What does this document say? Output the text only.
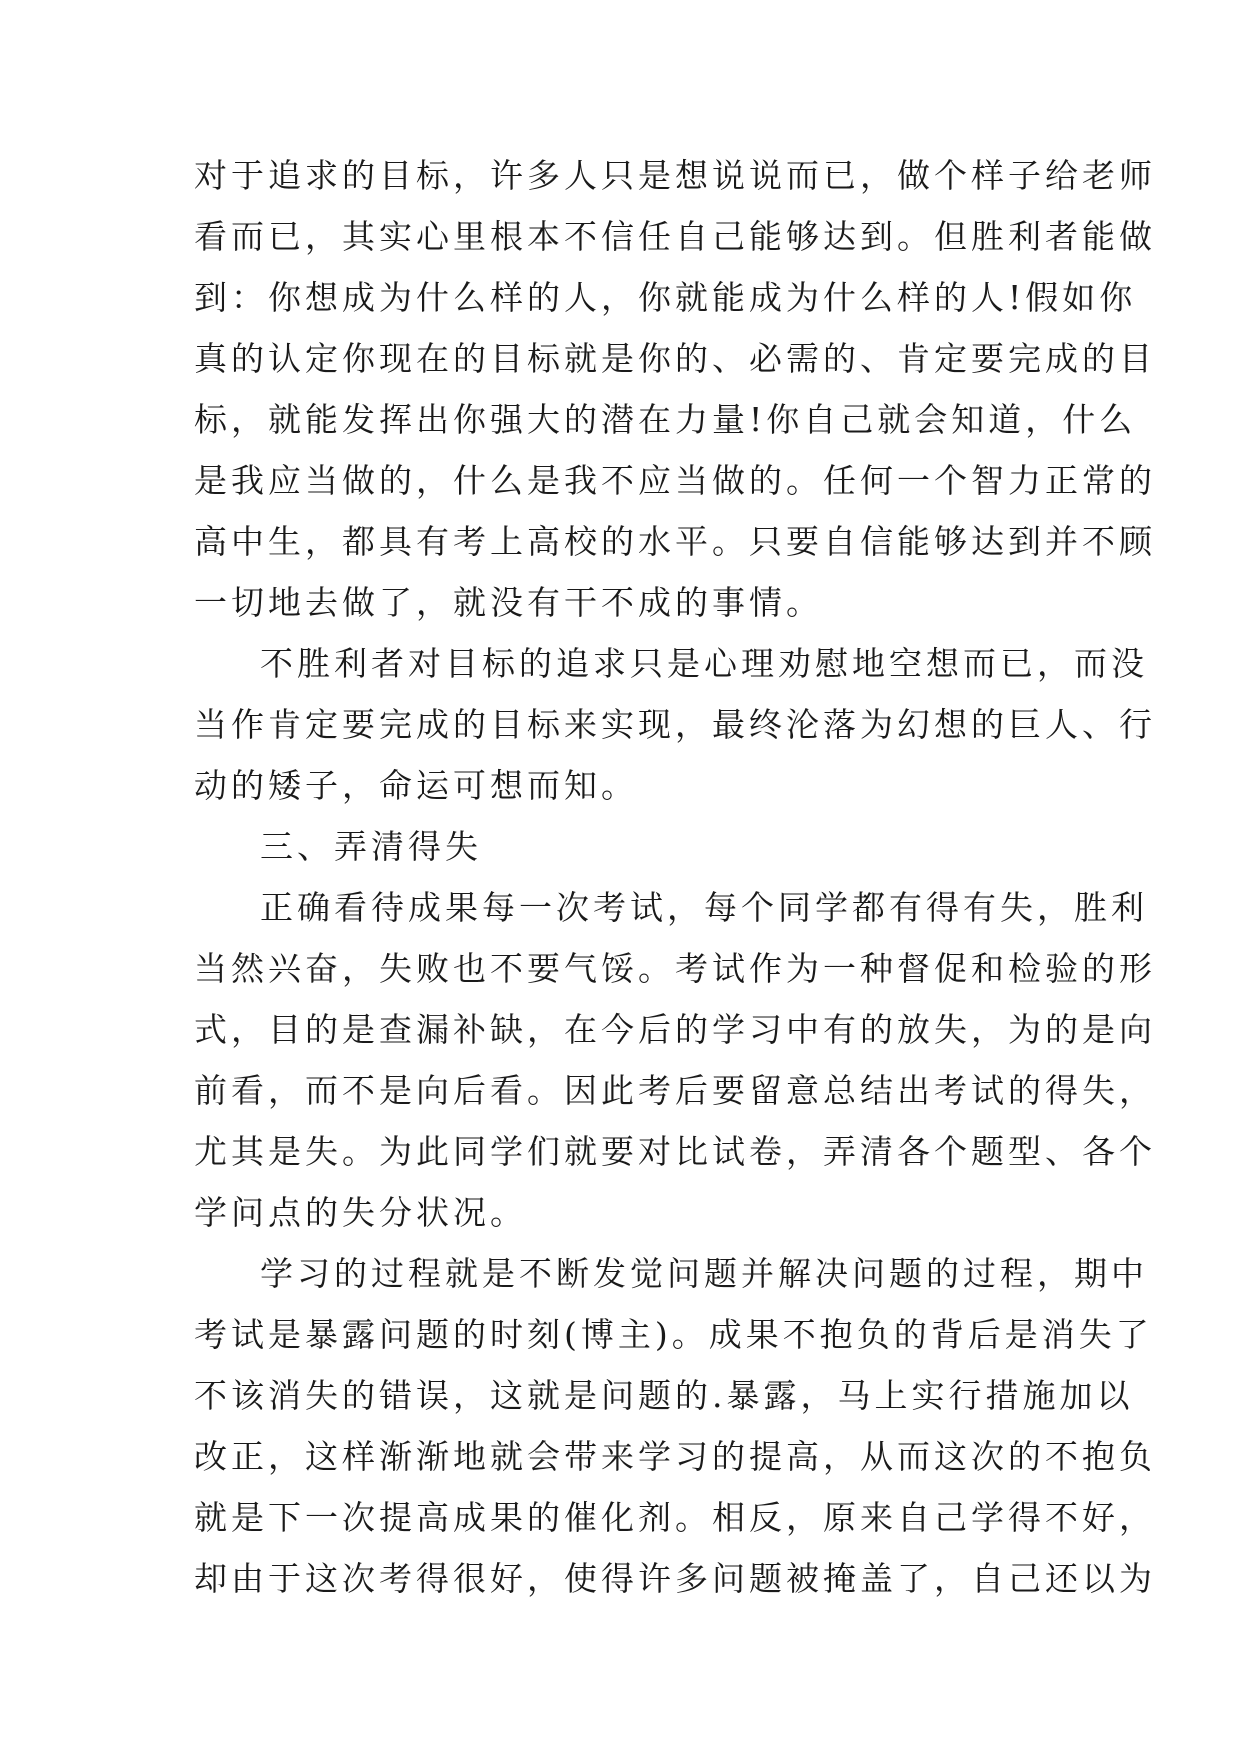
对于追求的目标，许多人只是想说说而已，做个样子给老师
看而已，其实心里根本不信任自己能够达到。但胜利者能做
到：你想成为什么样的人，你就能成为什么样的人!假如你
真的认定你现在的目标就是你的、必需的、肯定要完成的目
标，就能发挥出你强大的潜在力量!你自己就会知道，什么
是我应当做的，什么是我不应当做的。任何一个智力正常的
高中生，都具有考上高校的水平。只要自信能够达到并不顾
一切地去做了，就没有干不成的事情。
不胜利者对目标的追求只是心理劝慰地空想而已，而没
当作肯定要完成的目标来实现，最终沦落为幻想的巨人、行
动的矮子，命运可想而知。
三、弄清得失
正确看待成果每一次考试，每个同学都有得有失，胜利
当然兴奋，失败也不要气馁。考试作为一种督促和检验的形
式，目的是查漏补缺，在今后的学习中有的放失，为的是向
前看，而不是向后看。因此考后要留意总结出考试的得失，
尤其是失。为此同学们就要对比试卷，弄清各个题型、各个
学问点的失分状况。
学习的过程就是不断发觉问题并解决问题的过程，期中
考试是暴露问题的时刻(博主)。成果不抱负的背后是消失了
不该消失的错误，这就是问题的.暴露，马上实行措施加以
改正，这样渐渐地就会带来学习的提高，从而这次的不抱负
就是下一次提高成果的催化剂。相反，原来自己学得不好，
却由于这次考得很好，使得许多问题被掩盖了，自己还以为
